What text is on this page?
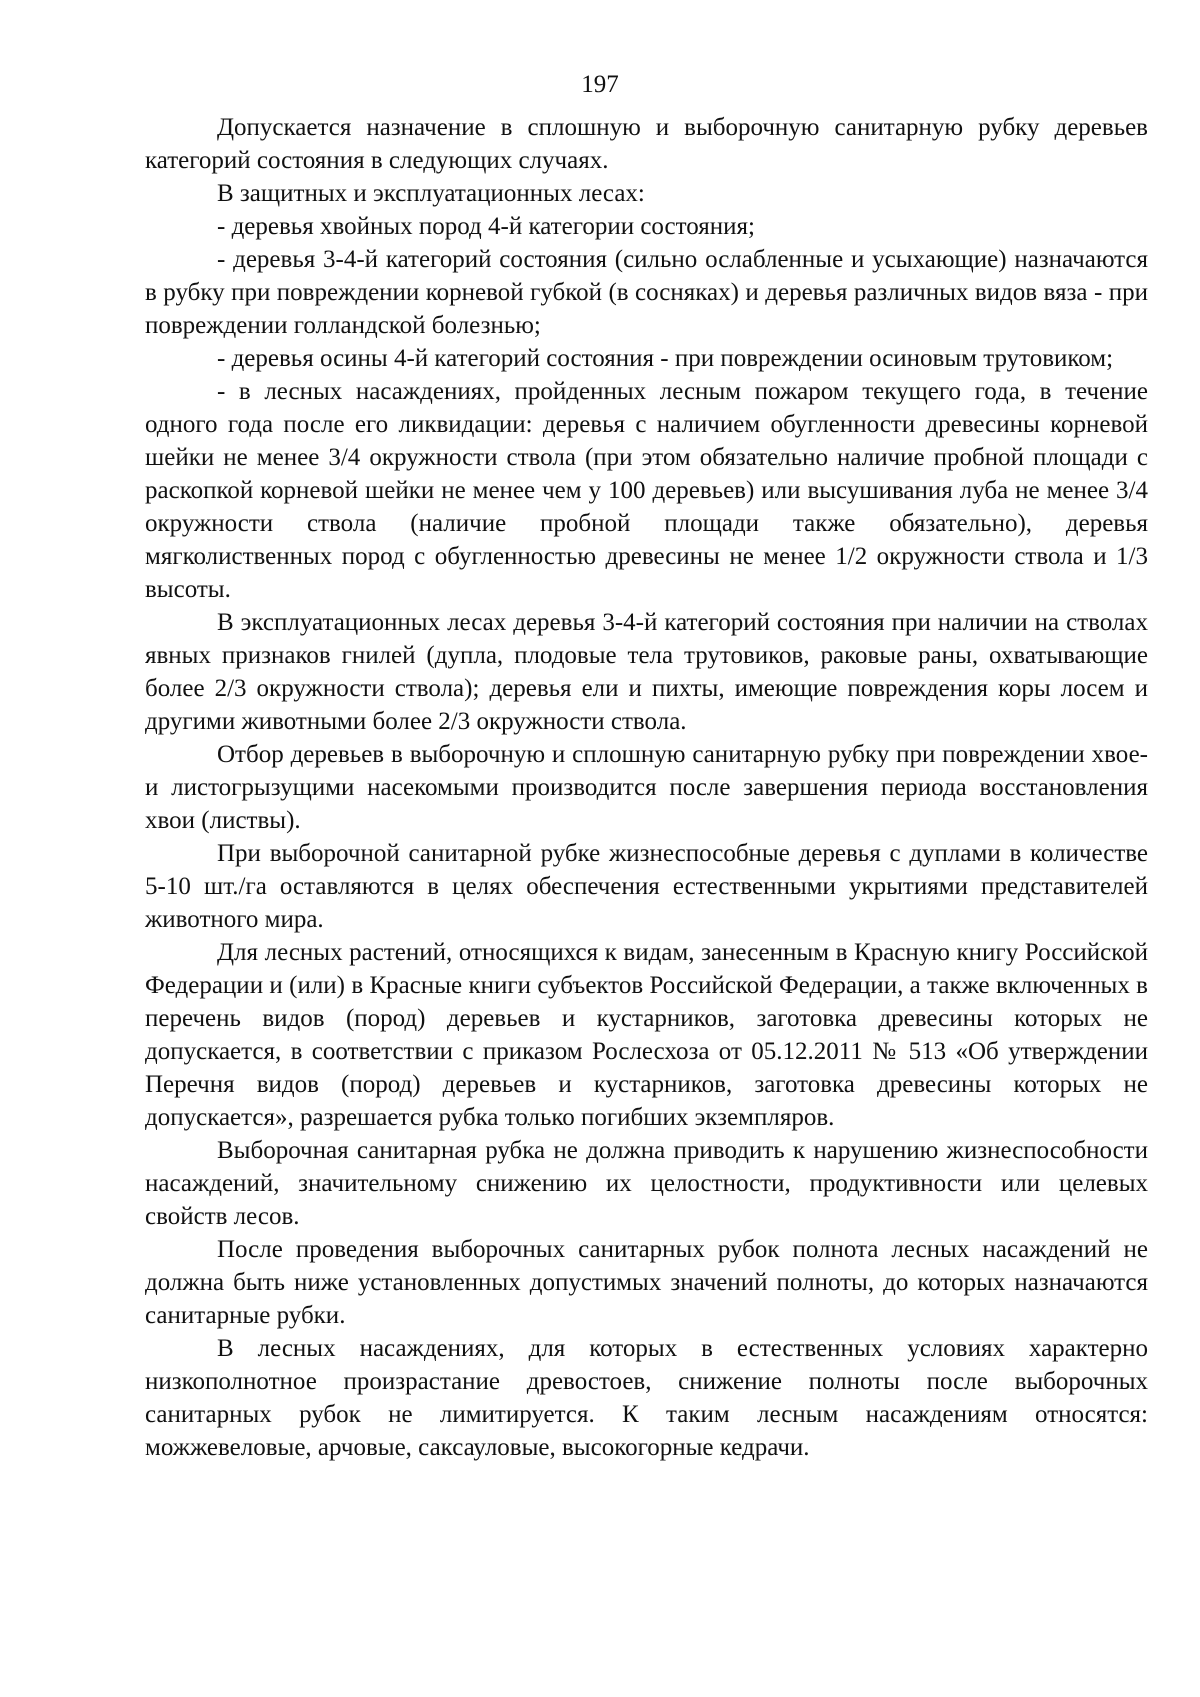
197

Допускается назначение в сплошную и выборочную санитарную рубку деревьев категорий состояния в следующих случаях.

В защитных и эксплуатационных лесах:

- деревья хвойных пород 4-й категории состояния;

- деревья 3-4-й категорий состояния (сильно ослабленные и усыхающие) назначаются в рубку при повреждении корневой губкой (в сосняках) и деревья различных видов вяза - при повреждении голландской болезнью;

- деревья осины 4-й категорий состояния - при повреждении осиновым трутовиком;

- в лесных насаждениях, пройденных лесным пожаром текущего года, в течение одного года после его ликвидации: деревья с наличием обугленности древесины корневой шейки не менее 3/4 окружности ствола (при этом обязательно наличие пробной площади с раскопкой корневой шейки не менее чем у 100 деревьев) или высушивания луба не менее 3/4 окружности ствола (наличие пробной площади также обязательно), деревья мягколиственных пород с обугленностью древесины не менее 1/2 окружности ствола и 1/3 высоты.

В эксплуатационных лесах деревья 3-4-й категорий состояния при наличии на стволах явных признаков гнилей (дупла, плодовые тела трутовиков, раковые раны, охватывающие более 2/3 окружности ствола); деревья ели и пихты, имеющие повреждения коры лосем и другими животными более 2/3 окружности ствола.

Отбор деревьев в выборочную и сплошную санитарную рубку при повреждении хвое- и листогрызущими насекомыми производится после завершения периода восстановления хвои (листвы).

При выборочной санитарной рубке жизнеспособные деревья с дуплами в количестве 5-10 шт./га оставляются в целях обеспечения естественными укрытиями представителей животного мира.

Для лесных растений, относящихся к видам, занесенным в Красную книгу Российской Федерации и (или) в Красные книги субъектов Российской Федерации, а также включенных в перечень видов (пород) деревьев и кустарников, заготовка древесины которых не допускается, в соответствии с приказом Рослесхоза от 05.12.2011 № 513 «Об утверждении Перечня видов (пород) деревьев и кустарников, заготовка древесины которых не допускается», разрешается рубка только погибших экземпляров.

Выборочная санитарная рубка не должна приводить к нарушению жизнеспособности насаждений, значительному снижению их целостности, продуктивности или целевых свойств лесов.

После проведения выборочных санитарных рубок полнота лесных насаждений не должна быть ниже установленных допустимых значений полноты, до которых назначаются санитарные рубки.

В лесных насаждениях, для которых в естественных условиях характерно низкополнотное произрастание древостоев, снижение полноты после выборочных санитарных рубок не лимитируется. К таким лесным насаждениям относятся: можжевеловые, арчовые, саксауловые, высокогорные кедрачи.
